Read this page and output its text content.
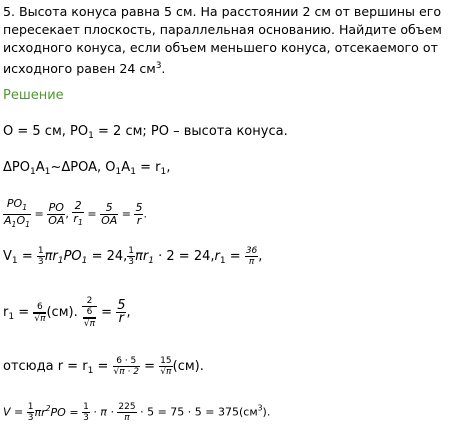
5. Высота конуса равна 5 см. На расстоянии 2 см от вершины его
пересекает плоскость, параллельная основанию. Найдите объем
исходного конуса, если объем меньшего конуса, отсекаемого от
исходного равен 24 $см^3$.
Решение
O = 5 см, $PO_1 = 2$ см; PO – высота конуса.
$\Delta PO_1A_1\sim\Delta POA$, $O_1A_1 = r_1$,
$\frac{PO_1}{A_1O_1} = \frac{PO}{OA}$ , $\frac{2}{r_1} = \frac{5}{OA} = \frac{5}{r}$ .
$V_1 = \frac{1}{3} \pi r_1PO_1 = 24$, $\frac{1}{3} \pi r_1 \cdot 2 = 24,r_1 = \frac{36}{\pi}$ ,
$r_1 = \frac{6}{√\pi} (см)$. $\frac{2}{\frac{6}{√\pi}} = \frac{5}{r}$ ,
отсюда $r = r_1 = \frac{6 \cdot 5}{√\pi \cdot 2} = \frac{15}{√\pi} (см)$.
$V = \frac{1}{3} \pi r^2PO = \frac{1}{3} \cdot \pi \cdot \frac{225}{\pi} \cdot 5 = 75 \cdot 5 = 375(см^3)$.
